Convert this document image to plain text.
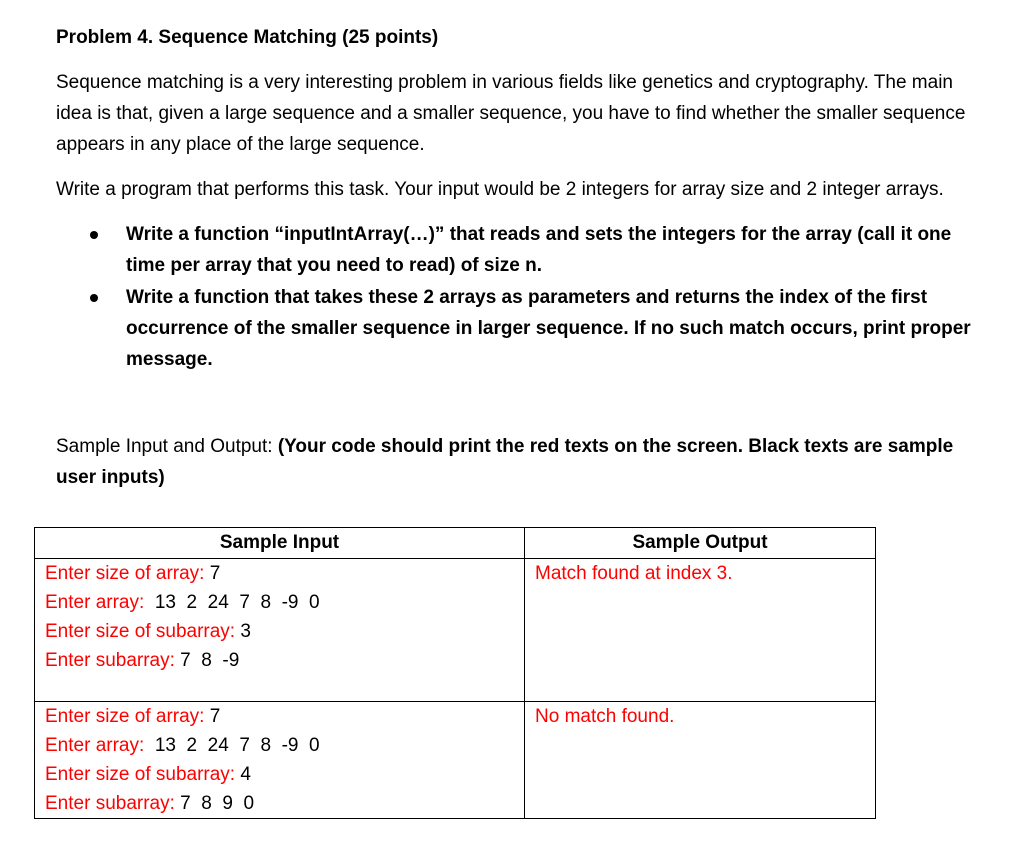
Problem 4. Sequence Matching (25 points)

Sequence matching is a very interesting problem in various fields like genetics and cryptography. The main idea is that, given a large sequence and a smaller sequence, you have to find whether the smaller sequence appears in any place of the large sequence.

Write a program that performs this task. Your input would be 2 integers for array size and 2 integer arrays.

Write a function “inputIntArray(…)” that reads and sets the integers for the array (call it one time per array that you need to read) of size n.
Write a function that takes these 2 arrays as parameters and returns the index of the first occurrence of the smaller sequence in larger sequence. If no such match occurs, print proper message.

Sample Input and Output: (Your code should print the red texts on the screen. Black texts are sample user inputs)

Sample Input	Sample Output

Enter size of array: 7
Enter array:  13  2  24  7  8  -9  0
Enter size of subarray: 3
Enter subarray: 7  8  -9	Match found at index 3.

Enter size of array: 7
Enter array:  13  2  24  7  8  -9  0
Enter size of subarray: 4
Enter subarray: 7  8  9  0	No match found.
